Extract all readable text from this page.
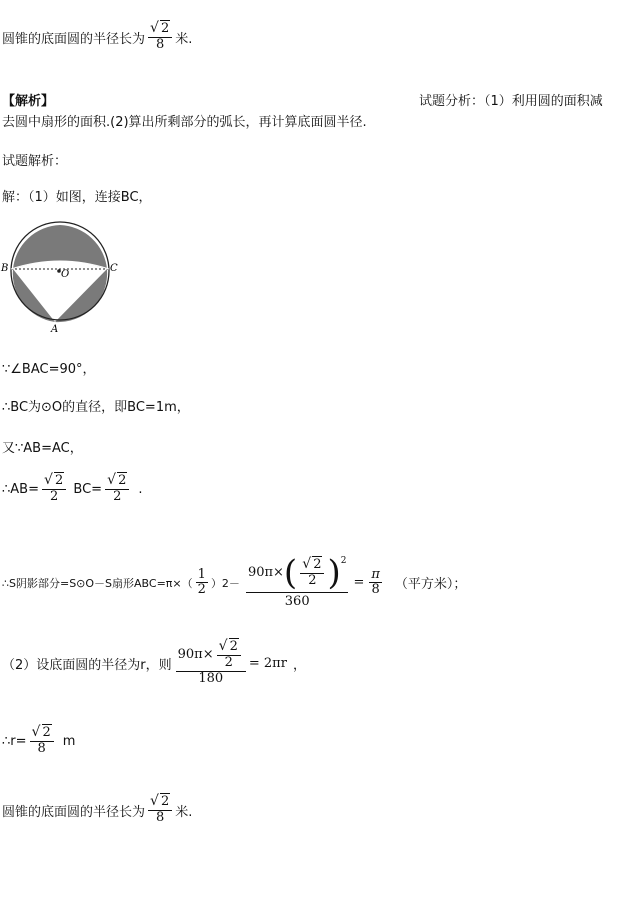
圆锥的底面圆的半径长为 $\frac{√ 2}{8}$ 米.
【解析】	试题分析：（1）利用圆的面积减
去圆中扇形的面积.(2)算出所剩部分的弧长，再计算底面圆半径.
试题解析：
解：（1）如图，连接BC，
B	C
O
A
∵∠BAC=90°，
∴BC为⊙O的直径，即BC=1m，
又∵AB=AC，
∴AB= $\frac{√ 2}{2} BC= \frac{√ 2}{2}$ .
∴S阴影部分=S⊙O－S扇形$ABC=\pi\times( \frac{1}{2} )2- \frac{90\pi\times ( \frac{√ 2}{2} ) 2}{360} = \frac{\pi}{8}$ （平方米）；
（2）设底面圆的半径为r，则 $\frac{90\pi\times \frac{√ 2}{2}}{180} = 2\pi r$ ，
∴r= $\frac{√ 2}{8}$ m
圆锥的底面圆的半径长为 $\frac{√ 2}{8}$ 米.
